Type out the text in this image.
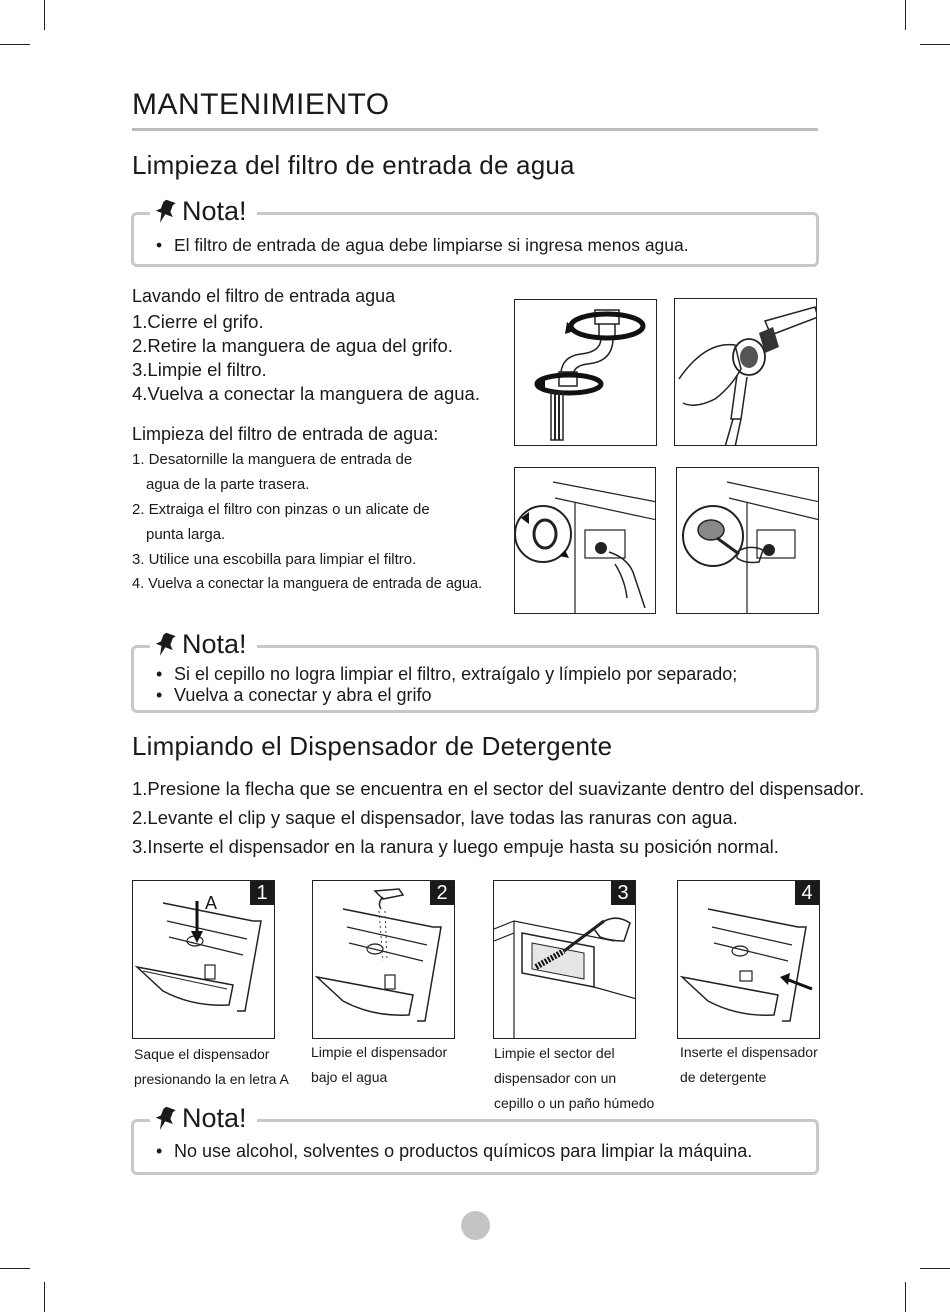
MANTENIMIENTO
Limpieza del filtro de entrada de agua
Nota!
• El filtro de entrada de agua debe limpiarse si ingresa menos agua.
Lavando el filtro de entrada agua
1.Cierre el grifo.
2.Retire la manguera de agua del grifo.
3.Limpie el filtro.
4.Vuelva a conectar la manguera de agua.
Limpieza del filtro de entrada de agua:
1. Desatornille la manguera de entrada de
agua de la parte trasera.
2. Extraiga el filtro con pinzas o un alicate de
punta larga.
3. Utilice una escobilla para limpiar el filtro.
4. Vuelva a conectar la manguera de entrada de agua.
Nota!
• Si el cepillo no logra limpiar el filtro, extraígalo y límpielo por separado;
• Vuelva a conectar y abra el grifo
Limpiando el Dispensador de Detergente
1.Presione la flecha que se encuentra en el sector del suavizante dentro del dispensador.
2.Levante el clip y saque el dispensador, lave todas las ranuras con agua.
3.Inserte el dispensador en la ranura y luego empuje hasta su posición normal.
1
A	2	3	4
Saque el dispensador
presionando la en letra A
Limpie el dispensador
bajo el agua
Limpie el sector del
dispensador con un
cepillo o un paño húmedo
Inserte el dispensador
de detergente
Nota!
• No use alcohol, solventes o productos químicos para limpiar la máquina.
